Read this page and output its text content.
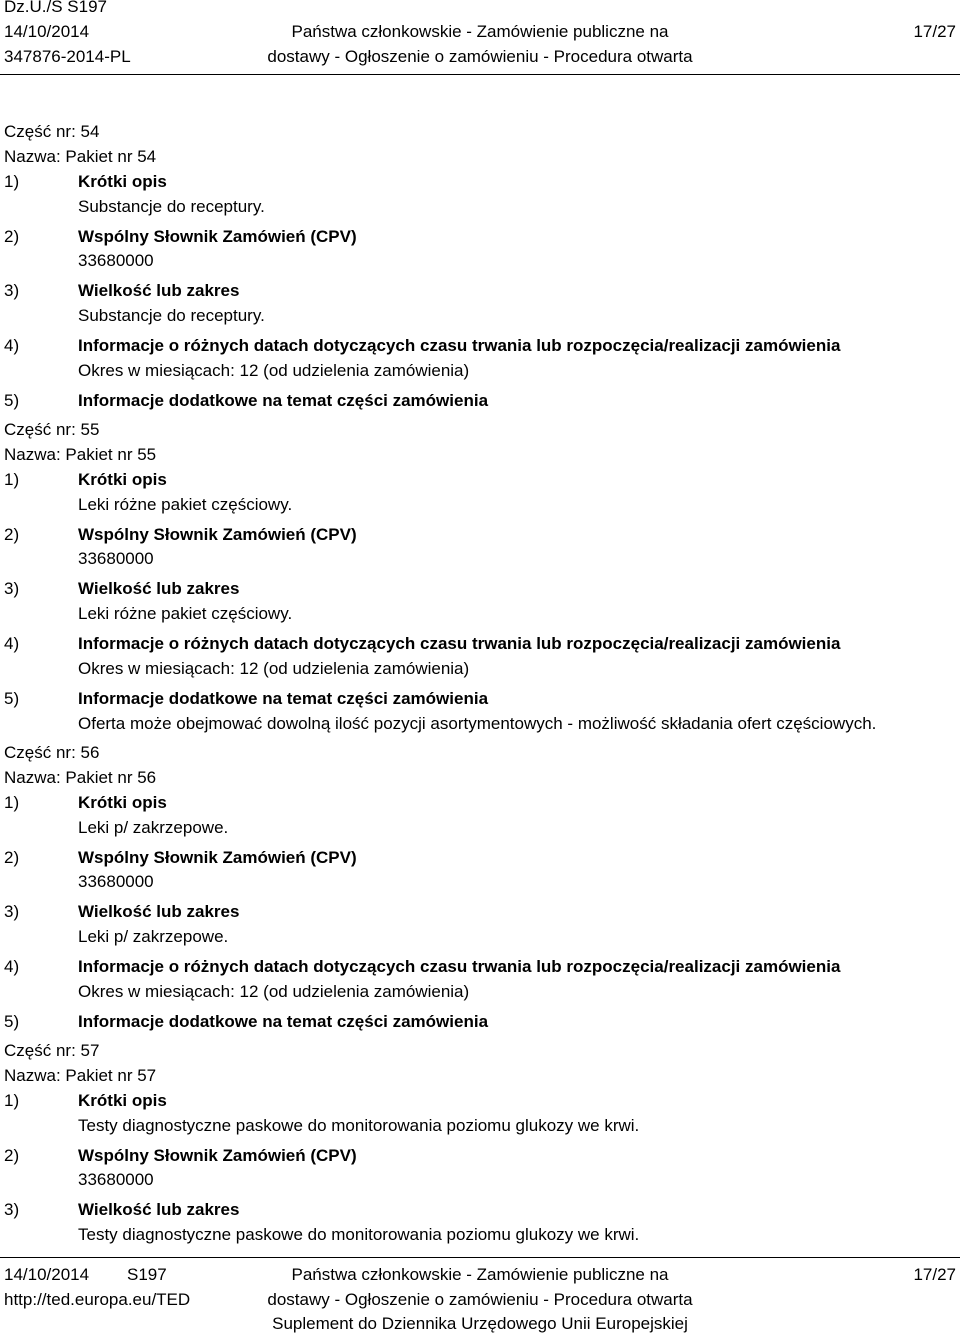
Dz.U./S S197
14/10/2014
347876-2014-PL
Państwa członkowskie - Zamówienie publiczne na
dostawy - Ogłoszenie o zamówieniu - Procedura otwarta
17/27
Część nr: 54
Nazwa: Pakiet nr 54
1)	Krótki opis
Substancje do receptury.
2)	Wspólny Słownik Zamówień (CPV)
33680000
3)	Wielkość lub zakres
Substancje do receptury.
4)	Informacje o różnych datach dotyczących czasu trwania lub rozpoczęcia/realizacji zamówienia
Okres w miesiącach: 12 (od udzielenia zamówienia)
5)	Informacje dodatkowe na temat części zamówienia
Część nr: 55
Nazwa: Pakiet nr 55
1)	Krótki opis
Leki różne pakiet częściowy.
2)	Wspólny Słownik Zamówień (CPV)
33680000
3)	Wielkość lub zakres
Leki różne pakiet częściowy.
4)	Informacje o różnych datach dotyczących czasu trwania lub rozpoczęcia/realizacji zamówienia
Okres w miesiącach: 12 (od udzielenia zamówienia)
5)	Informacje dodatkowe na temat części zamówienia
Oferta może obejmować dowolną ilość pozycji asortymentowych - możliwość składania ofert częściowych.
Część nr: 56
Nazwa: Pakiet nr 56
1)	Krótki opis
Leki p/ zakrzepowe.
2)	Wspólny Słownik Zamówień (CPV)
33680000
3)	Wielkość lub zakres
Leki p/ zakrzepowe.
4)	Informacje o różnych datach dotyczących czasu trwania lub rozpoczęcia/realizacji zamówienia
Okres w miesiącach: 12 (od udzielenia zamówienia)
5)	Informacje dodatkowe na temat części zamówienia
Część nr: 57
Nazwa: Pakiet nr 57
1)	Krótki opis
Testy diagnostyczne paskowe do monitorowania poziomu glukozy we krwi.
2)	Wspólny Słownik Zamówień (CPV)
33680000
3)	Wielkość lub zakres
Testy diagnostyczne paskowe do monitorowania poziomu glukozy we krwi.
14/10/2014 S197
http://ted.europa.eu/TED
Państwa członkowskie - Zamówienie publiczne na
dostawy - Ogłoszenie o zamówieniu - Procedura otwarta
Suplement do Dziennika Urzędowego Unii Europejskiej
17/27
